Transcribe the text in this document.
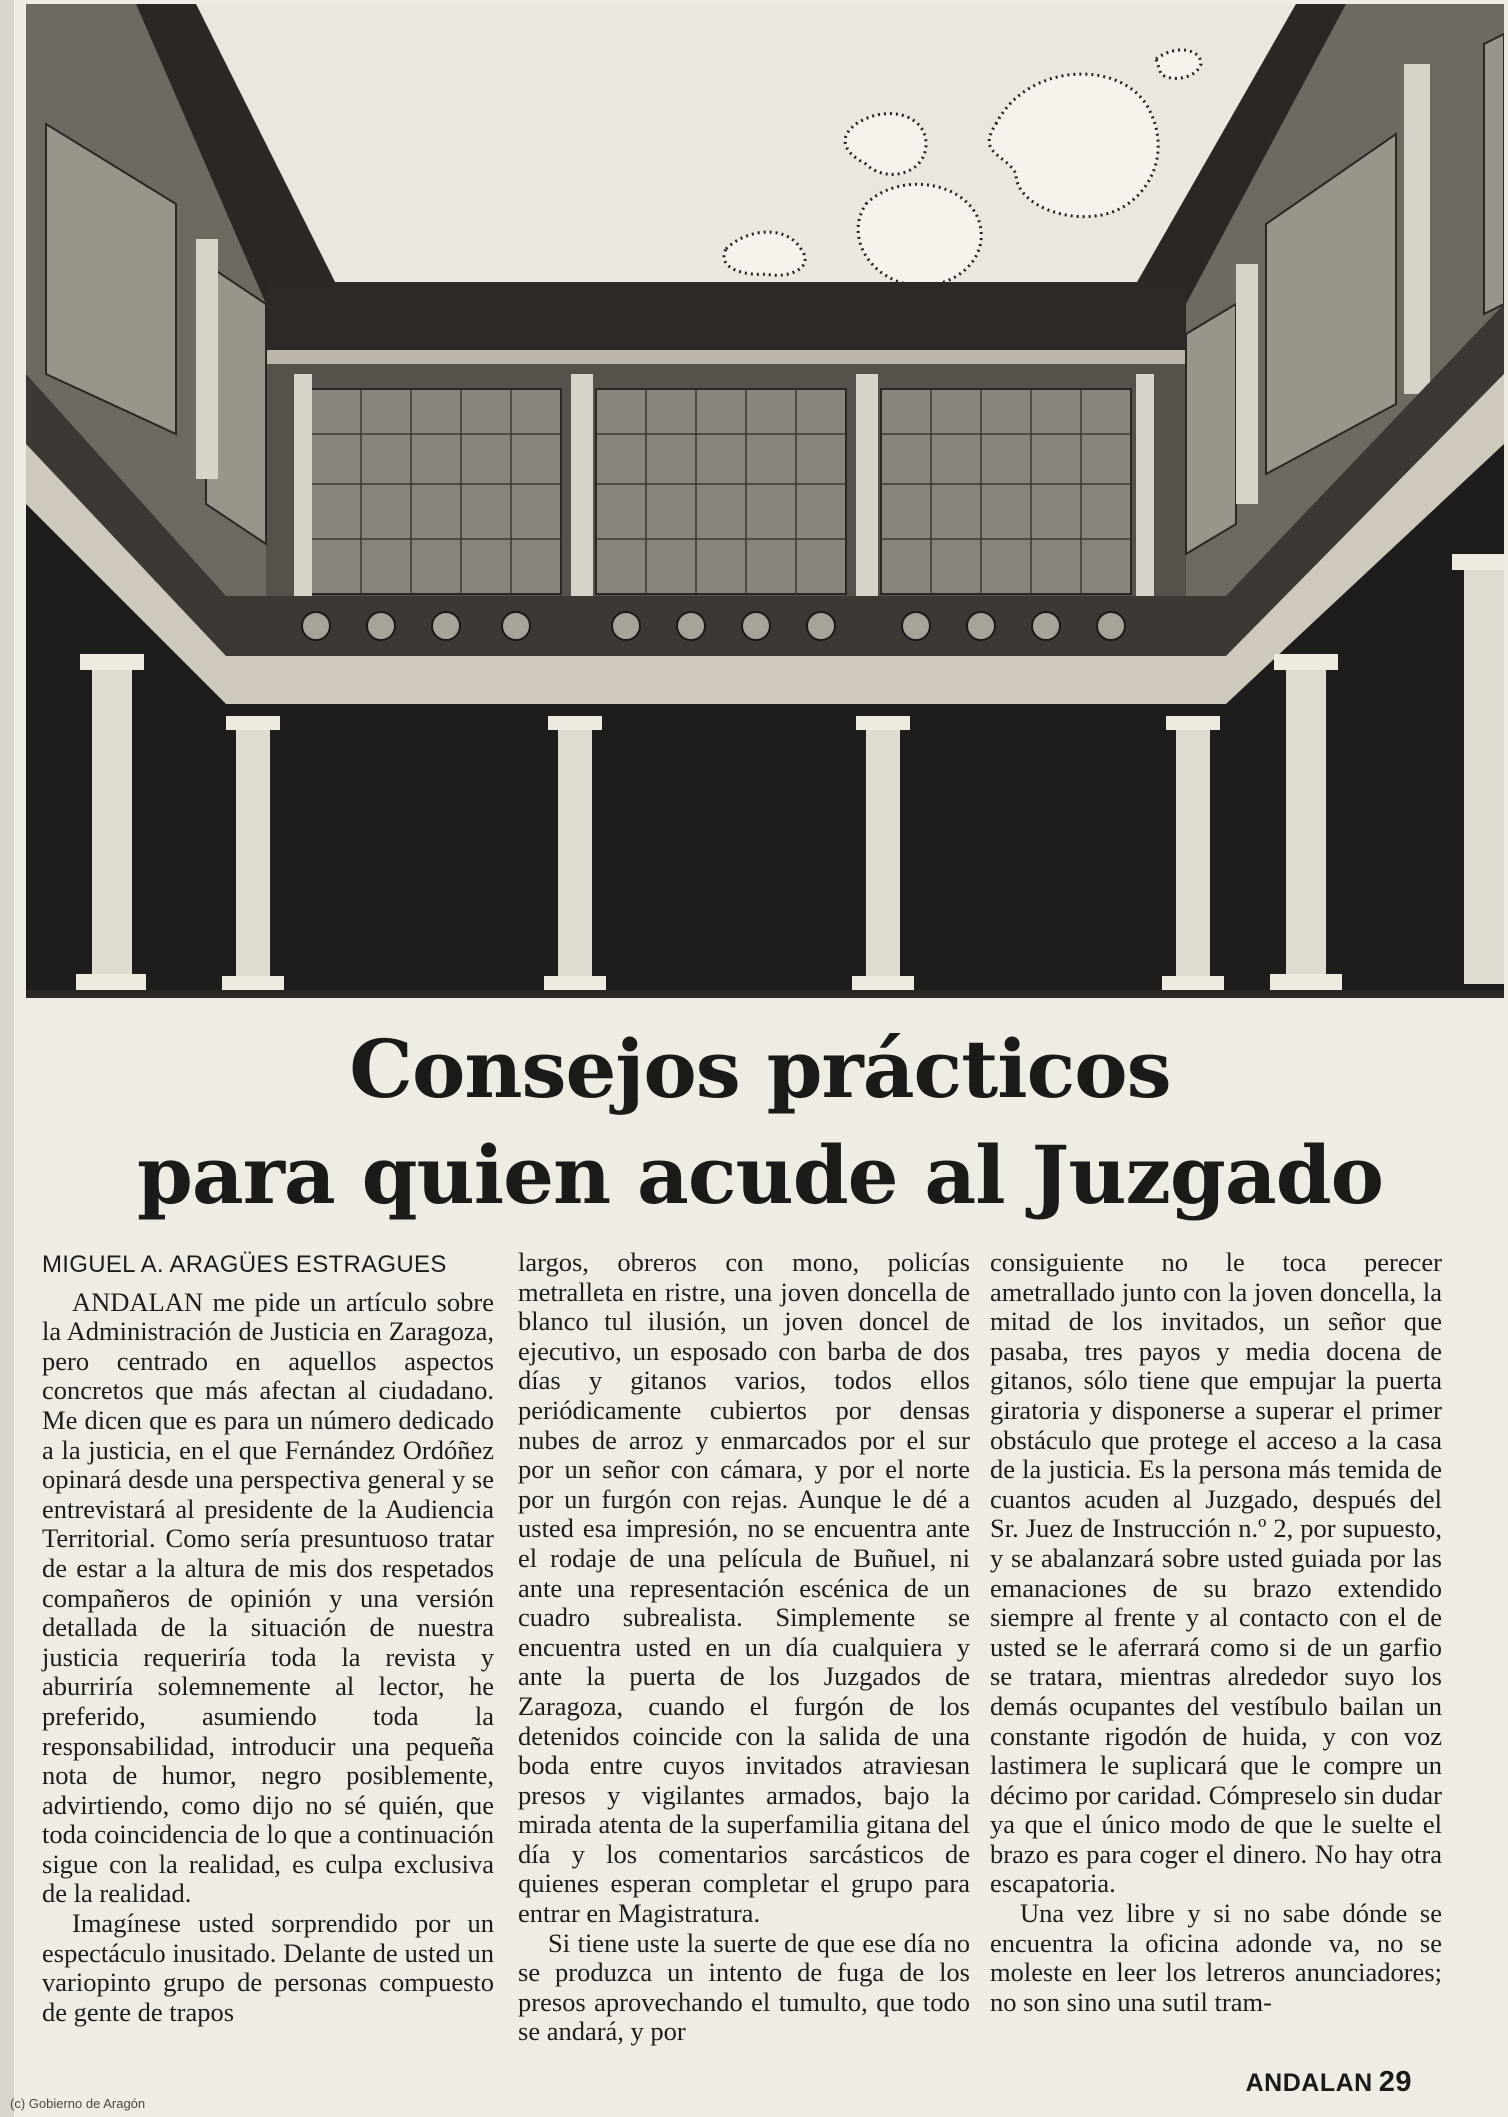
Consejos prácticos
para quien acude al Juzgado
MIGUEL A. ARAGÜES ESTRAGUES

ANDALAN me pide un artículo sobre la Administración de Justicia en Zaragoza, pero centrado en aquellos aspectos concretos que más afectan al ciudadano. Me dicen que es para un número dedicado a la justicia, en el que Fernández Ordóñez opinará desde una perspectiva general y se entrevistará al presidente de la Audiencia Territorial. Como sería presuntuoso tratar de estar a la altura de mis dos respetados compañeros de opinión y una versión detallada de la situación de nuestra justicia requeriría toda la revista y aburriría solemnemente al lector, he preferido, asumiendo toda la responsabilidad, introducir una pequeña nota de humor, negro posiblemente, advirtiendo, como dijo no sé quién, que toda coincidencia de lo que a continuación sigue con la realidad, es culpa exclusiva de la realidad.

Imagínese usted sorprendido por un espectáculo inusitado. Delante de usted un variopinto grupo de personas compuesto de gente de trapos

largos, obreros con mono, policías metralleta en ristre, una joven doncella de blanco tul ilusión, un joven doncel de ejecutivo, un esposado con barba de dos días y gitanos varios, todos ellos periódicamente cubiertos por densas nubes de arroz y enmarcados por el sur por un señor con cámara, y por el norte por un furgón con rejas. Aunque le dé a usted esa impresión, no se encuentra ante el rodaje de una película de Buñuel, ni ante una representación escénica de un cuadro subrealista. Simplemente se encuentra usted en un día cualquiera y ante la puerta de los Juzgados de Zaragoza, cuando el furgón de los detenidos coincide con la salida de una boda entre cuyos invitados atraviesan presos y vigilantes armados, bajo la mirada atenta de la superfamilia gitana del día y los comentarios sarcásticos de quienes esperan completar el grupo para entrar en Magistratura.

Si tiene uste la suerte de que ese día no se produzca un intento de fuga de los presos aprovechando el tumulto, que todo se andará, y por

consiguiente no le toca perecer ametrallado junto con la joven doncella, la mitad de los invitados, un señor que pasaba, tres payos y media docena de gitanos, sólo tiene que empujar la puerta giratoria y disponerse a superar el primer obstáculo que protege el acceso a la casa de la justicia. Es la persona más temida de cuantos acuden al Juzgado, después del Sr. Juez de Instrucción n.º 2, por supuesto, y se abalanzará sobre usted guiada por las emanaciones de su brazo extendido siempre al frente y al contacto con el de usted se le aferrará como si de un garfio se tratara, mientras alrededor suyo los demás ocupantes del vestíbulo bailan un constante rigodón de huida, y con voz lastimera le suplicará que le compre un décimo por caridad. Cómpreselo sin dudar ya que el único modo de que le suelte el brazo es para coger el dinero. No hay otra escapatoria.

Una vez libre y si no sabe dónde se encuentra la oficina adonde va, no se moleste en leer los letreros anunciadores; no son sino una sutil tram-

ANDALAN 29
(c) Gobierno de Aragón
